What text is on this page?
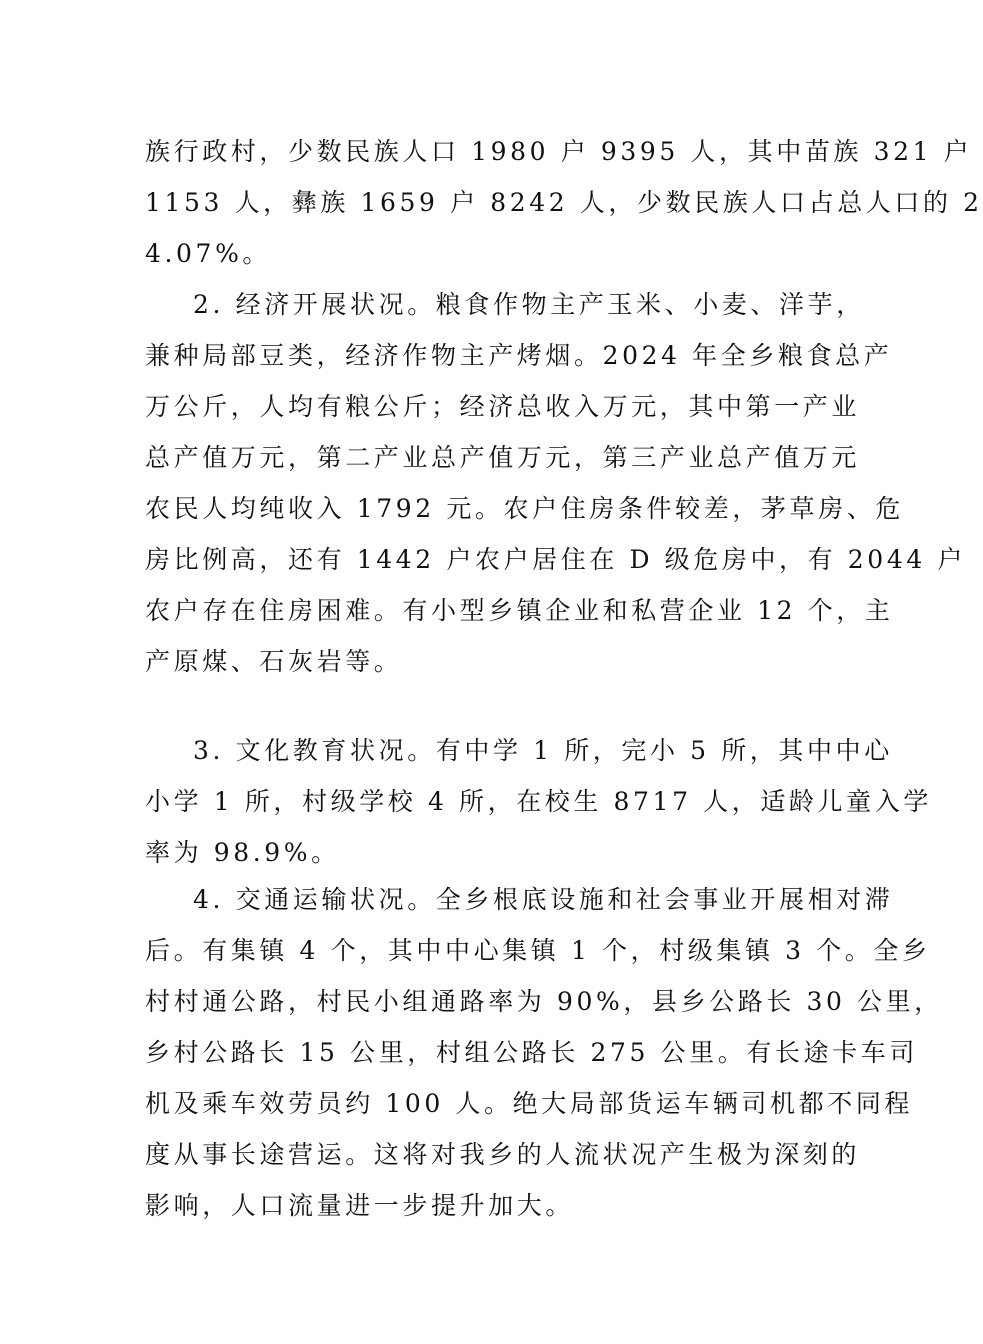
族行政村，少数民族人口 1980 户 9395 人，其中苗族 321 户
1153 人，彝族 1659 户 8242 人，少数民族人口占总人口的 2
4.07%。
2. 经济开展状况。粮食作物主产玉米、小麦、洋芋，
兼种局部豆类，经济作物主产烤烟。2024 年全乡粮食总产
万公斤，人均有粮公斤；经济总收入万元，其中第一产业
总产值万元，第二产业总产值万元，第三产业总产值万元
农民人均纯收入 1792 元。农户住房条件较差，茅草房、危
房比例高，还有 1442 户农户居住在 D 级危房中，有 2044 户
农户存在住房困难。有小型乡镇企业和私营企业 12 个，主
产原煤、石灰岩等。
3. 文化教育状况。有中学 1 所，完小 5 所，其中中心
小学 1 所，村级学校 4 所，在校生 8717 人，适龄儿童入学
率为 98.9%。
4. 交通运输状况。全乡根底设施和社会事业开展相对滞
后。有集镇 4 个，其中中心集镇 1 个，村级集镇 3 个。全乡
村村通公路，村民小组通路率为 90%，县乡公路长 30 公里，
乡村公路长 15 公里，村组公路长 275 公里。有长途卡车司
机及乘车效劳员约 100 人。绝大局部货运车辆司机都不同程
度从事长途营运。这将对我乡的人流状况产生极为深刻的
影响，人口流量进一步提升加大。
